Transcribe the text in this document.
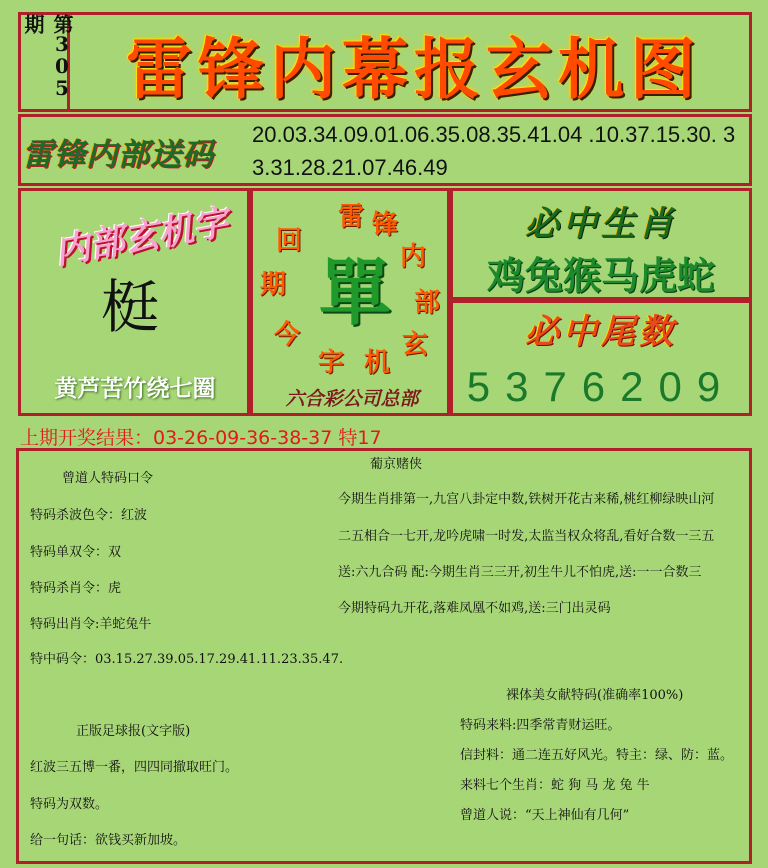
第305期
雷锋内幕报玄机图
雷锋内部送码
20.03.34.09.01.06.35.08.35.41.04 .10.37.15.30. 33.31.28.21.07.46.49
内部玄机字
梃
黄芦苦竹绕七圈
雷 锋
内
部
玄
机
字
今
期
回
單
六合彩公司总部
必中生肖
鸡兔猴马虎蛇
必中尾数
5376209
上期开奖结果：03-26-09-36-38-37 特17
曾道人特码口令
特码杀波色令：红波
特码单双令：双
特码杀肖令：虎
特码出肖令:羊蛇兔牛
特中码令：03.15.27.39.05.17.29.41.11.23.35.47.
正版足球报(文字版)
红波三五博一番，四四同撤取旺门。
特码为双数。
给一句话：欲钱买新加坡。
葡京赌侠
今期生肖排第一,九宫八卦定中数,铁树开花古来稀,桃红柳绿映山河
二五相合一七开,龙吟虎啸一时发,太监当权众将乱,看好合数一三五
送:六九合码 配:今期生肖三三开,初生牛儿不怕虎,送:一一合数三
今期特码九开花,落难凤凰不如鸡,送:三门出灵码
裸体美女献特码(准确率100%)
特码来料:四季常青财运旺。
信封料：通二连五好风光。特主：绿、防：蓝。
来料七个生肖：蛇 狗 马 龙 兔 牛
曾道人说：“天上神仙有几何”
